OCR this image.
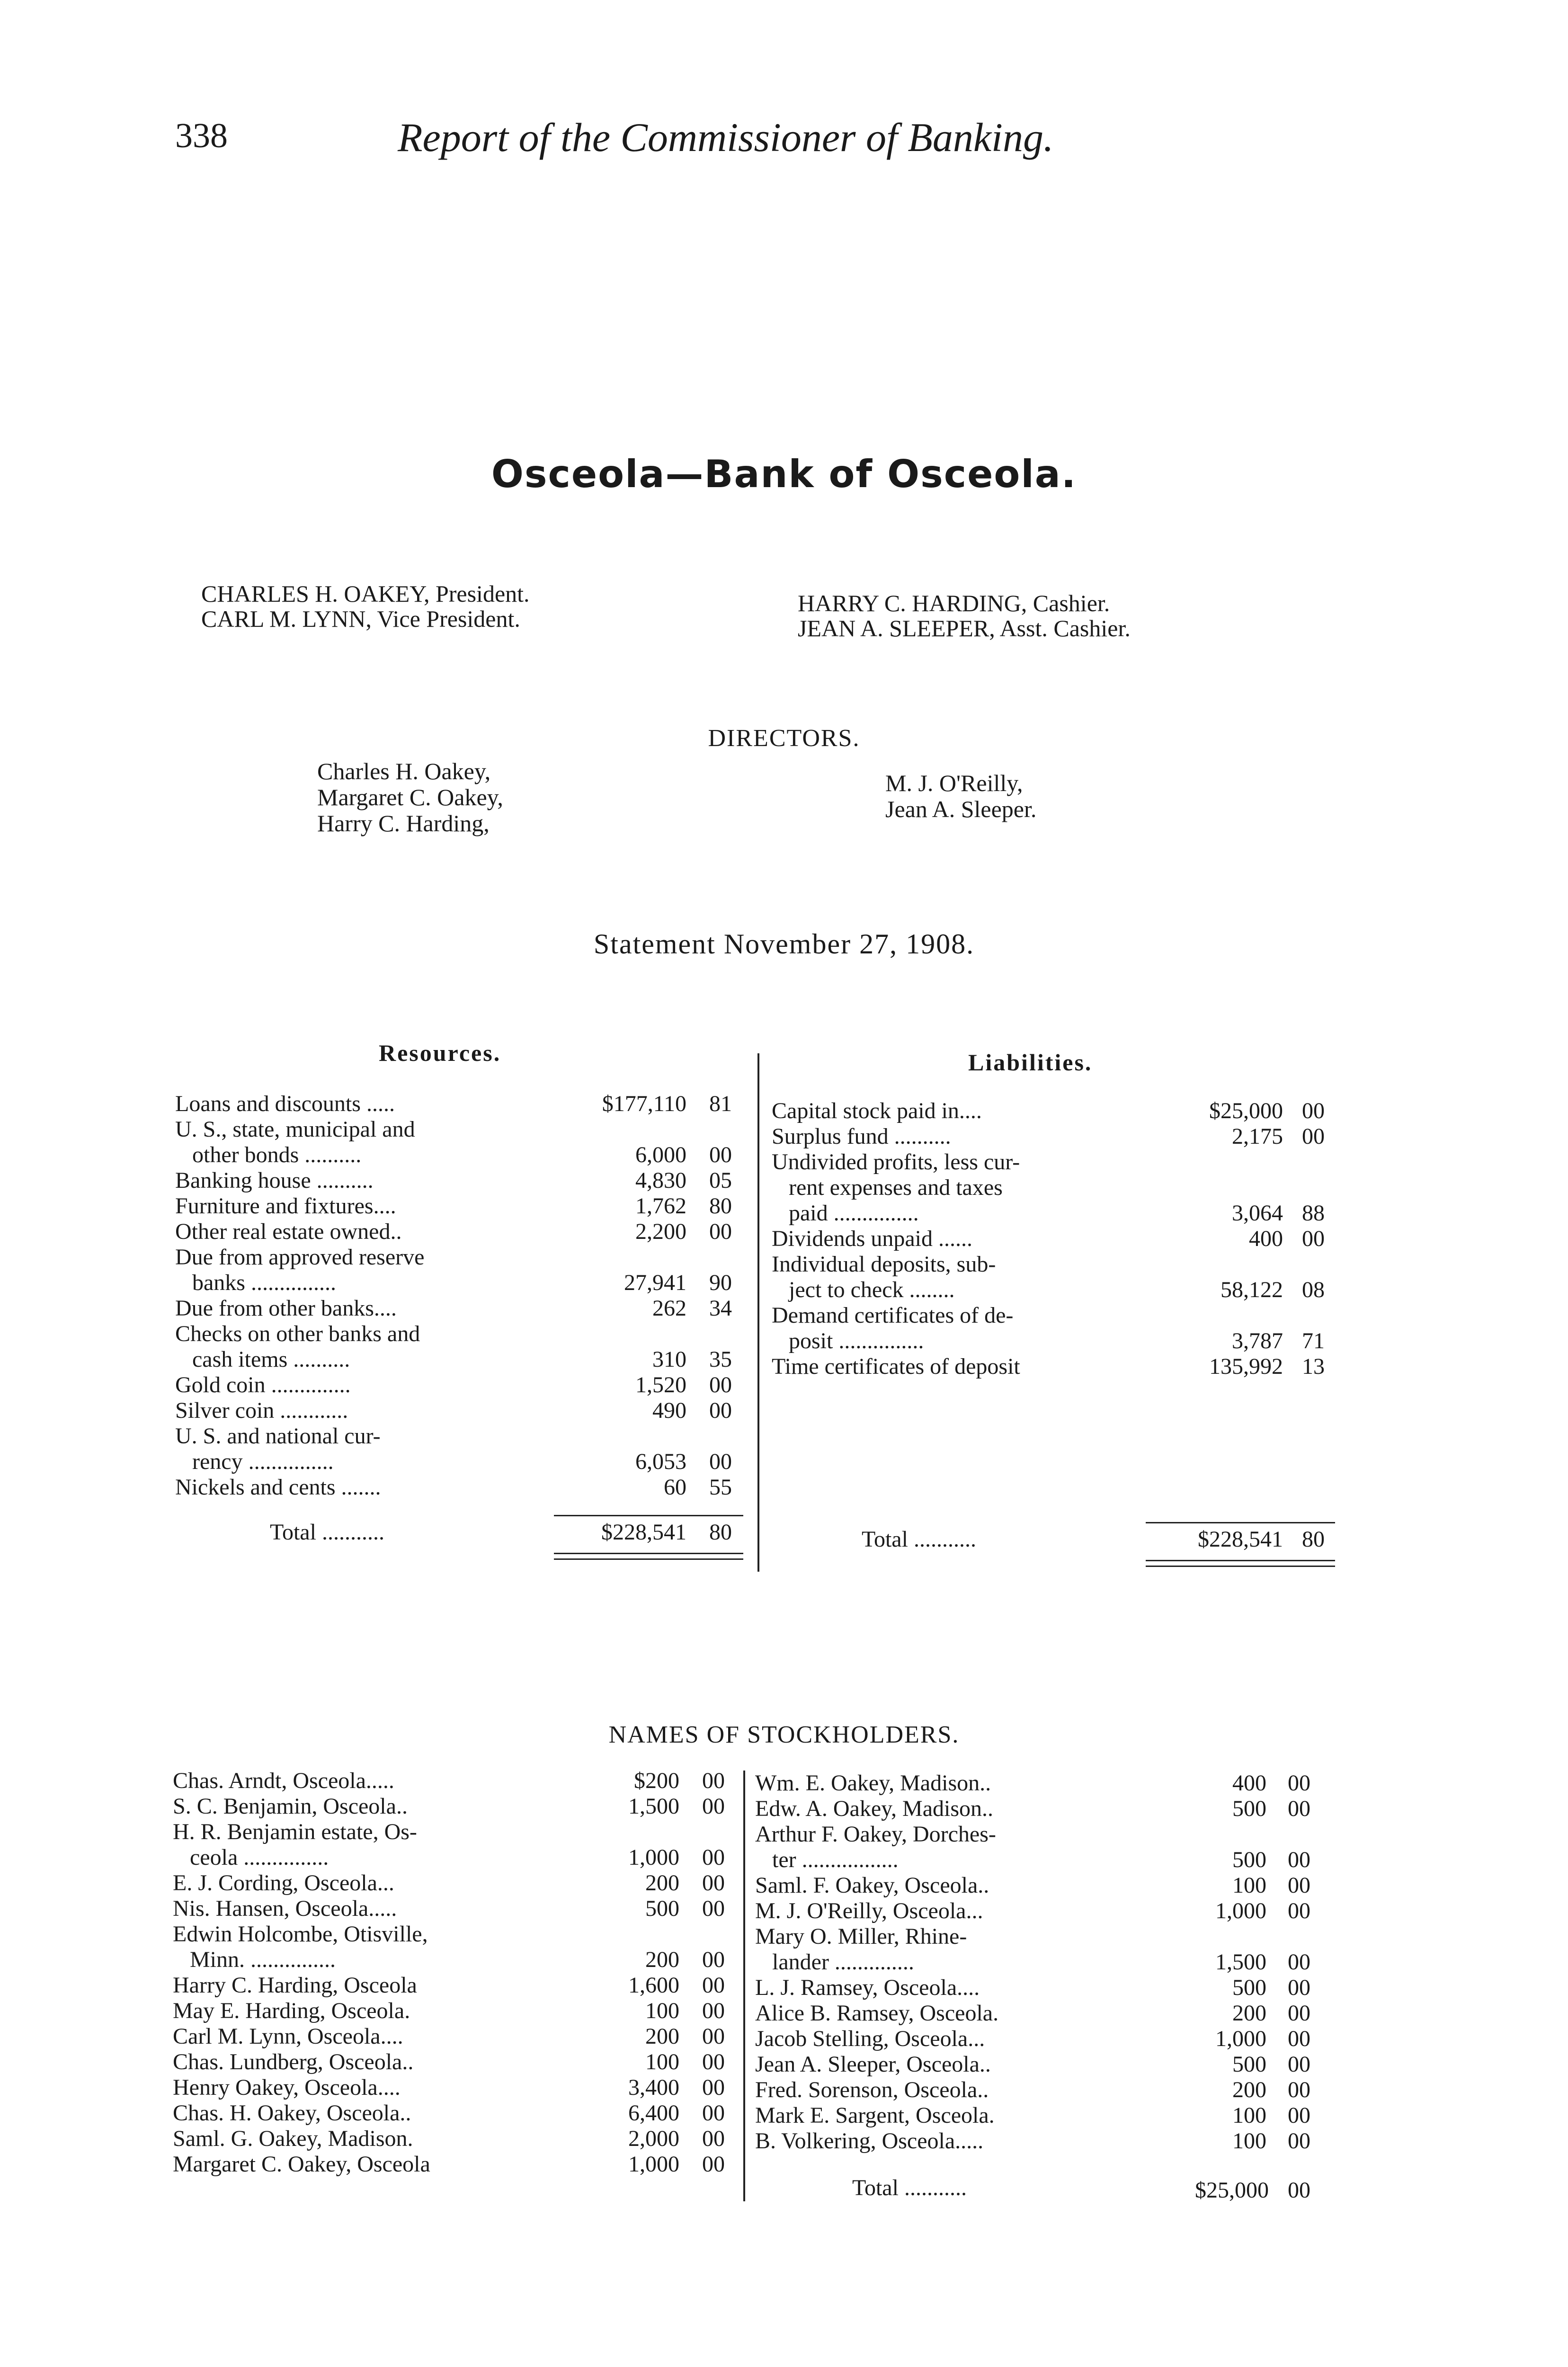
338	Report of the Commissioner of Banking.
Osceola—Bank of Osceola.
CHARLES H. OAKEY, President.
CARL M. LYNN, Vice President.
HARRY C. HARDING, Cashier.
JEAN A. SLEEPER, Asst. Cashier.
DIRECTORS.
Charles H. Oakey,
Margaret C. Oakey,
Harry C. Harding,
M. J. O'Reilly,
Jean A. Sleeper.
Statement November 27, 1908.
Resources.	Liabilities.
Loans and discounts .....	$177,110 81
U. S., state, municipal and
other bonds ..........	6,000 00
Banking house ..........	4,830 05
Furniture and fixtures....	1,762 80
Other real estate owned..	2,200 00
Due from approved reserve
banks ...............	27,941 90
Due from other banks....	262 34
Checks on other banks and
cash items ..........	310 35
Gold coin ..............	1,520 00
Silver coin ............	490 00
U. S. and national cur-
rency ...............	6,053 00
Nickels and cents .......	60 55
Capital stock paid in....	$25,000 00
Surplus fund ..........	2,175 00
Undivided profits, less cur-
rent expenses and taxes
paid ...............	3,064 88
Dividends unpaid ......	400 00
Individual deposits, sub-
ject to check ........	58,122 08
Demand certificates of de-
posit ...............	3,787 71
Time certificates of deposit	135,992 13
Total ...........	$228,541 80	Total ...........	$228,541 80
NAMES OF STOCKHOLDERS.
Chas. Arndt, Osceola.....	$200 00
S. C. Benjamin, Osceola..	1,500 00
H. R. Benjamin estate, Os-
ceola ...............	1,000 00
E. J. Cording, Osceola...	200 00
Nis. Hansen, Osceola.....	500 00
Edwin Holcombe, Otisville,
Minn. ...............	200 00
Harry C. Harding, Osceola	1,600 00
May E. Harding, Osceola.	100 00
Carl M. Lynn, Osceola....	200 00
Chas. Lundberg, Osceola..	100 00
Henry Oakey, Osceola....	3,400 00
Chas. H. Oakey, Osceola..	6,400 00
Saml. G. Oakey, Madison.	2,000 00
Margaret C. Oakey, Osceola	1,000 00
Wm. E. Oakey, Madison..	400 00
Edw. A. Oakey, Madison..	500 00
Arthur F. Oakey, Dorches-
ter .................	500 00
Saml. F. Oakey, Osceola..	100 00
M. J. O'Reilly, Osceola...	1,000 00
Mary O. Miller, Rhine-
lander ..............	1,500 00
L. J. Ramsey, Osceola....	500 00
Alice B. Ramsey, Osceola.	200 00
Jacob Stelling, Osceola...	1,000 00
Jean A. Sleeper, Osceola..	500 00
Fred. Sorenson, Osceola..	200 00
Mark E. Sargent, Osceola.	100 00
B. Volkering, Osceola.....	100 00
Total ...........	$25,000 00
